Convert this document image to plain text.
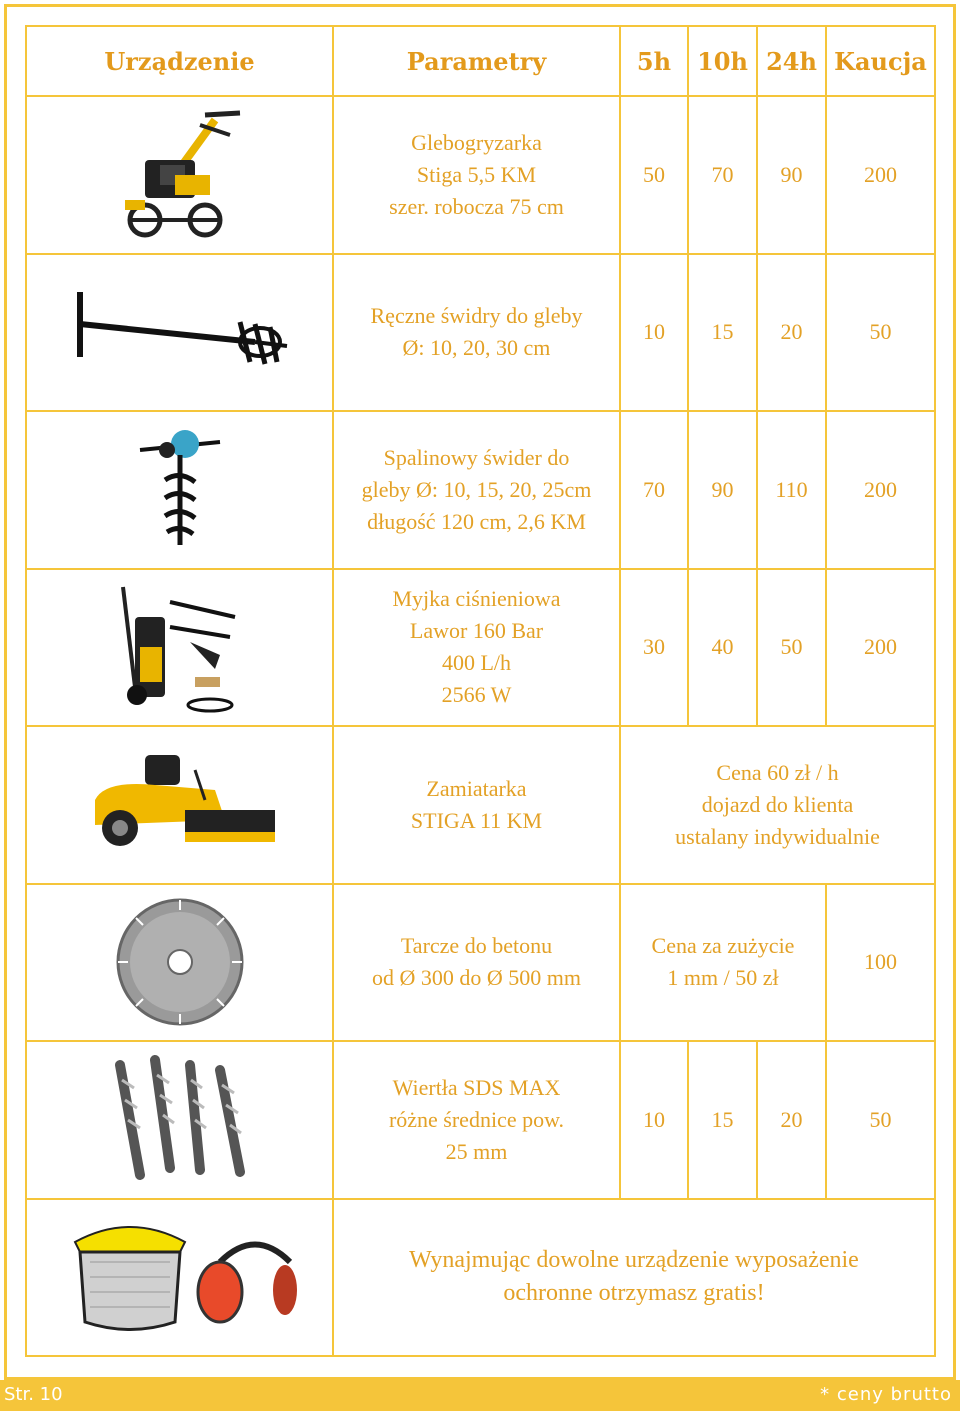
Urządzenie	Parametry	5h	10h	24h	Kaucja

Glebogryzarka
Stiga 5,5 KM
szer. robocza 75 cm	50	70	90	200

Ręczne świdry do gleby
Ø: 10, 20, 30 cm	10	15	20	50

Spalinowy świder do
gleby Ø: 10, 15, 20, 25cm
długość 120 cm, 2,6 KM	70	90	110	200

Myjka ciśnieniowa
Lawor 160 Bar
400 L/h
2566 W	30	40	50	200

Zamiatarka
STIGA 11 KM	Cena 60 zł / h
dojazd do klienta
ustalany indywidualnie			

Tarcze do betonu
od Ø 300 do Ø 500 mm	Cena za zużycie
1 mm / 50 zł			100

Wiertła SDS MAX
różne średnice pow.
25 mm	10	15	20	50

Wynajmując dowolne urządzenie wyposażenie
ochronne otrzymasz gratis!				
Str. 10	* ceny brutto
